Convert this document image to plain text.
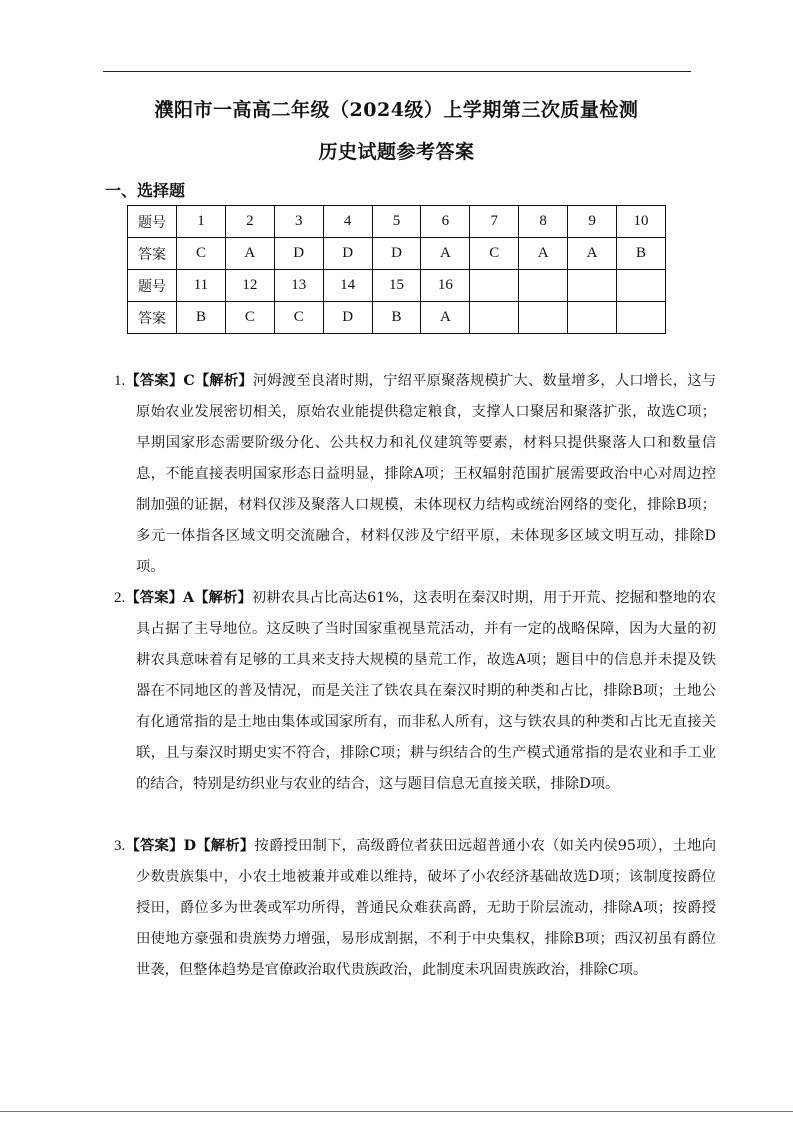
濮阳市一高高二年级（2024级）上学期第三次质量检测
历史试题参考答案
一、选择题
题号	1	2	3	4	5	6	7	8	9	10
答案	C	A	D	D	D	A	C	A	A	B
题号	11	12	13	14	15	16				
答案	B	C	C	D	B	A				
1.【答案】C【解析】河姆渡至良渚时期，宁绍平原聚落规模扩大、数量增多，人口增长，这与原始农业发展密切相关，原始农业能提供稳定粮食，支撑人口聚居和聚落扩张，故选C项；早期国家形态需要阶级分化、公共权力和礼仪建筑等要素，材料只提供聚落人口和数量信息，不能直接表明国家形态日益明显，排除A项；王权辐射范围扩展需要政治中心对周边控制加强的证据，材料仅涉及聚落人口规模，未体现权力结构或统治网络的变化，排除B项；多元一体指各区域文明交流融合，材料仅涉及宁绍平原，未体现多区域文明互动，排除D项。
2.【答案】A【解析】初耕农具占比高达61%，这表明在秦汉时期，用于开荒、挖掘和整地的农具占据了主导地位。这反映了当时国家重视垦荒活动，并有一定的战略保障，因为大量的初耕农具意味着有足够的工具来支持大规模的垦荒工作，故选A项；题目中的信息并未提及铁器在不同地区的普及情况，而是关注了铁农具在秦汉时期的种类和占比，排除B项；土地公有化通常指的是土地由集体或国家所有，而非私人所有，这与铁农具的种类和占比无直接关联，且与秦汉时期史实不符合，排除C项；耕与织结合的生产模式通常指的是农业和手工业的结合，特别是纺织业与农业的结合，这与题目信息无直接关联，排除D项。
3.【答案】D【解析】按爵授田制下，高级爵位者获田远超普通小农（如关内侯95项），土地向少数贵族集中，小农土地被兼并或难以维持，破坏了小农经济基础故选D项；该制度按爵位授田，爵位多为世袭或军功所得，普通民众难获高爵，无助于阶层流动，排除A项；按爵授田使地方豪强和贵族势力增强，易形成割据，不利于中央集权，排除B项；西汉初虽有爵位世袭，但整体趋势是官僚政治取代贵族政治，此制度未巩固贵族政治，排除C项。
